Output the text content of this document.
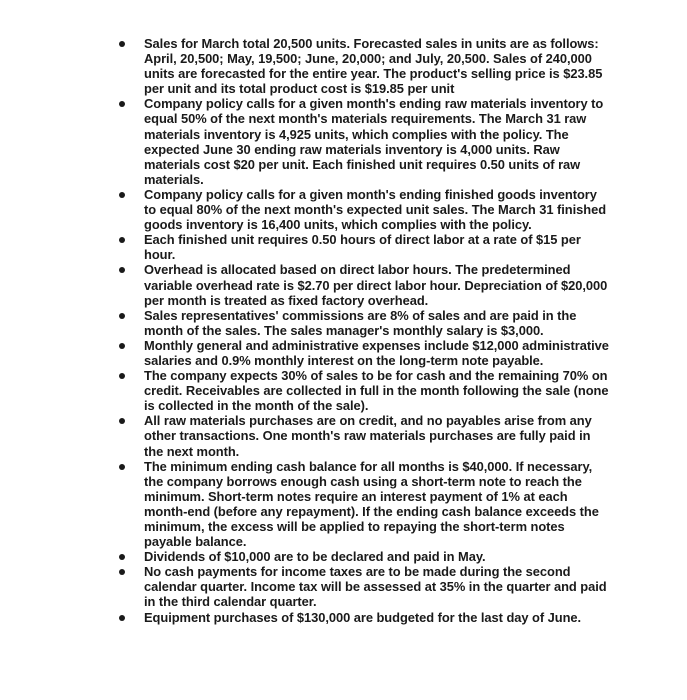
Sales for March total 20,500 units. Forecasted sales in units are as follows: April, 20,500; May, 19,500; June, 20,000; and July, 20,500. Sales of 240,000 units are forecasted for the entire year. The product's selling price is $23.85 per unit and its total product cost is $19.85 per unit
Company policy calls for a given month's ending raw materials inventory to equal 50% of the next month's materials requirements. The March 31 raw materials inventory is 4,925 units, which complies with the policy. The expected June 30 ending raw materials inventory is 4,000 units. Raw materials cost $20 per unit. Each finished unit requires 0.50 units of raw materials.
Company policy calls for a given month's ending finished goods inventory to equal 80% of the next month's expected unit sales. The March 31 finished goods inventory is 16,400 units, which complies with the policy.
Each finished unit requires 0.50 hours of direct labor at a rate of $15 per hour.
Overhead is allocated based on direct labor hours. The predetermined variable overhead rate is $2.70 per direct labor hour. Depreciation of $20,000 per month is treated as fixed factory overhead.
Sales representatives' commissions are 8% of sales and are paid in the month of the sales. The sales manager's monthly salary is $3,000.
Monthly general and administrative expenses include $12,000 administrative salaries and 0.9% monthly interest on the long-term note payable.
The company expects 30% of sales to be for cash and the remaining 70% on credit. Receivables are collected in full in the month following the sale (none is collected in the month of the sale).
All raw materials purchases are on credit, and no payables arise from any other transactions. One month's raw materials purchases are fully paid in the next month.
The minimum ending cash balance for all months is $40,000. If necessary, the company borrows enough cash using a short-term note to reach the minimum. Short-term notes require an interest payment of 1% at each month-end (before any repayment). If the ending cash balance exceeds the minimum, the excess will be applied to repaying the short-term notes payable balance.
Dividends of $10,000 are to be declared and paid in May.
No cash payments for income taxes are to be made during the second calendar quarter. Income tax will be assessed at 35% in the quarter and paid in the third calendar quarter.
Equipment purchases of $130,000 are budgeted for the last day of June.
